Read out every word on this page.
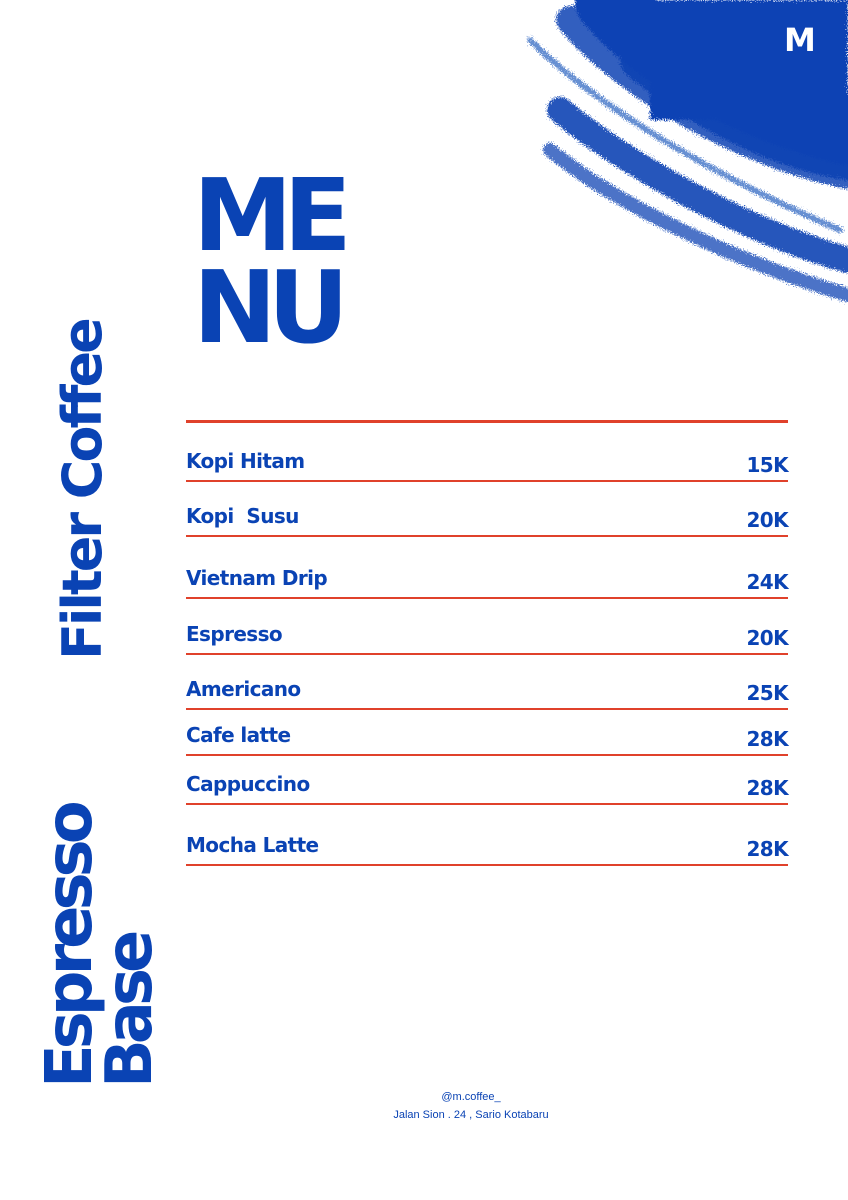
M
ME
NU
Filter Coffee
Espresso
Base
Kopi Hitam	15K
Kopi  Susu	20K
Vietnam Drip	24K
Espresso	20K
Americano	25K
Cafe latte	28K
Cappuccino	28K
Mocha Latte	28K
@m.coffee_
Jalan Sion . 24 , Sario Kotabaru
